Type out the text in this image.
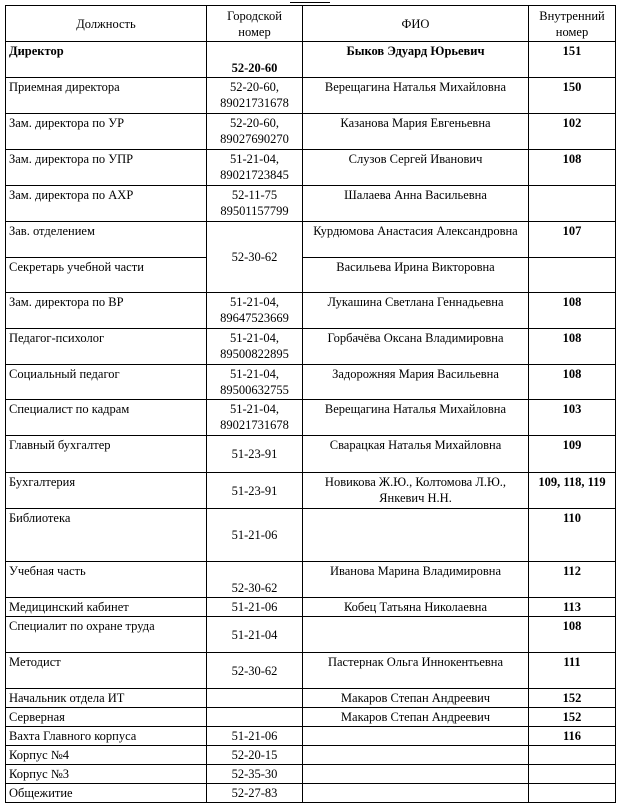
Должность	Городской номер	ФИО	Внутренний номер
Директор	52-20-60	Быков Эдуард Юрьевич	151
Приемная директора	52-20-60, 89021731678	Верещагина Наталья Михайловна	150
Зам. директора по УР	52-20-60, 89027690270	Казанова Мария Евгеньевна	102
Зам. директора по УПР	51-21-04, 89021723845	Слузов Сергей Иванович	108
Зам. директора по АХР	52-11-75 89501157799	Шалаева Анна Васильевна	
Зав. отделением	52-30-62	Курдюмова Анастасия Александровна	107
Секретарь учебной части		Васильева Ирина Викторовна	
Зам. директора по ВР	51-21-04, 89647523669	Лукашина Светлана Геннадьевна	108
Педагог-психолог	51-21-04, 89500822895	Горбачёва Оксана Владимировна	108
Социальный педагог	51-21-04, 89500632755	Задорожняя Мария Васильевна	108
Специалист по кадрам	51-21-04, 89021731678	Верещагина Наталья Михайловна	103
Главный бухгалтер	51-23-91	Сварацкая Наталья Михайловна	109
Бухгалтерия	51-23-91	Новикова Ж.Ю., Колтомова Л.Ю., Янкевич Н.Н.	109, 118, 119
Библиотека	51-21-06		110
Учебная часть	52-30-62	Иванова Марина Владимировна	112
Медицинский кабинет	51-21-06	Кобец Татьяна Николаевна	113
Специалит по охране труда	51-21-04		108
Методист	52-30-62	Пастернак Ольга Иннокентьевна	111
Начальник отдела ИТ		Макаров Степан Андреевич	152
Серверная		Макаров Степан Андреевич	152
Вахта Главного корпуса	51-21-06		116
Корпус №4	52-20-15		
Корпус №3	52-35-30		
Общежитие	52-27-83		
